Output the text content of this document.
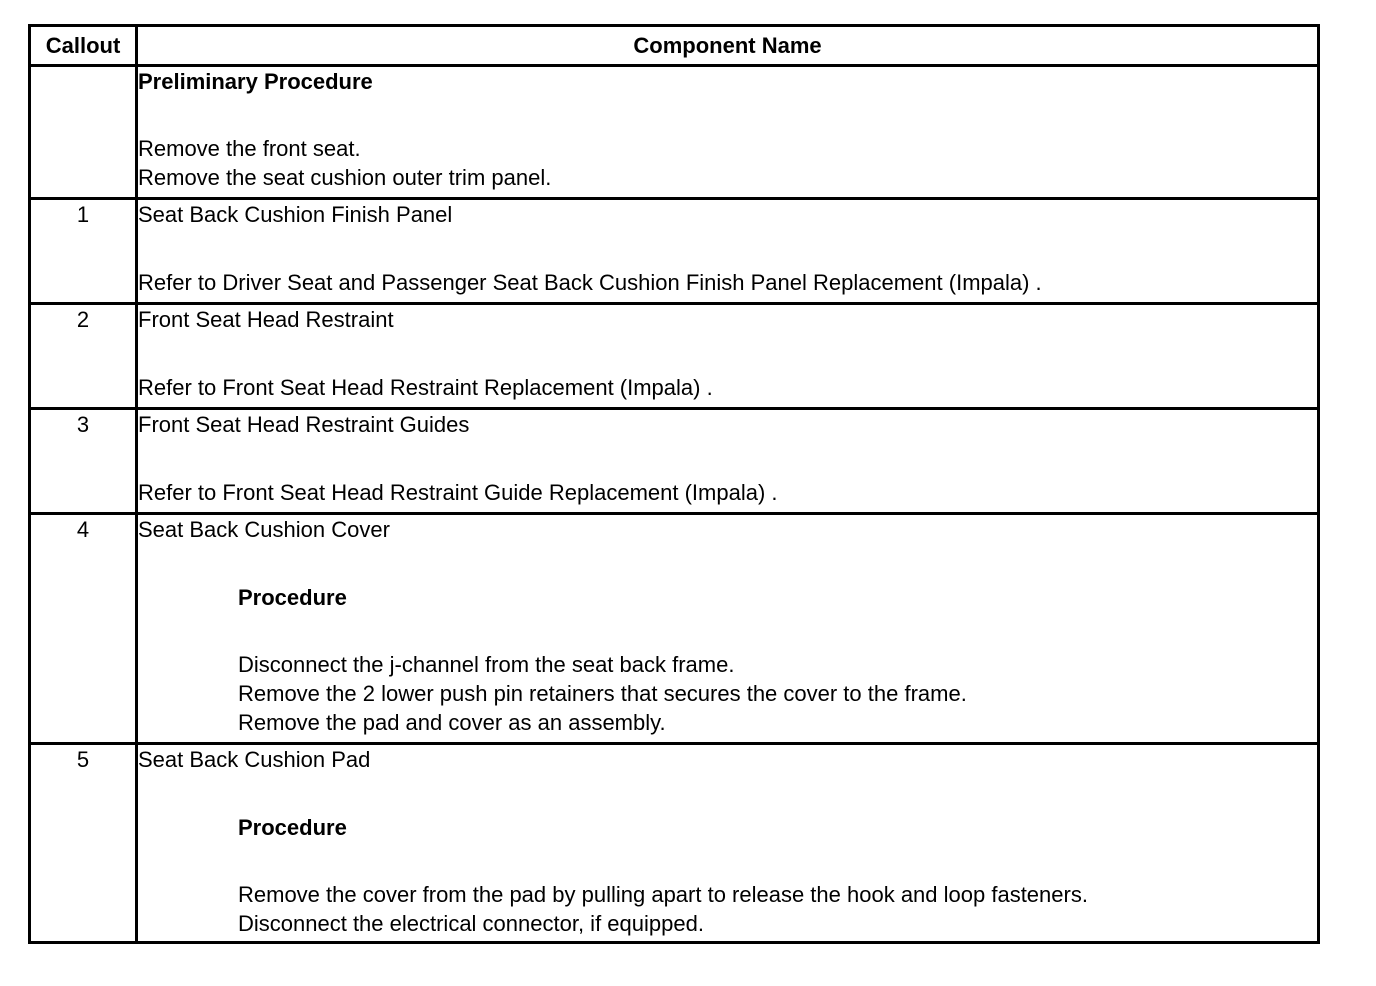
Callout	Component Name

	Preliminary Procedure
Remove the front seat.
Remove the seat cushion outer trim panel.

1	Seat Back Cushion Finish Panel
Refer to Driver Seat and Passenger Seat Back Cushion Finish Panel Replacement (Impala) .

2	Front Seat Head Restraint
Refer to Front Seat Head Restraint Replacement (Impala) .

3	Front Seat Head Restraint Guides
Refer to Front Seat Head Restraint Guide Replacement (Impala) .

4	Seat Back Cushion Cover
Procedure
Disconnect the j-channel from the seat back frame.
Remove the 2 lower push pin retainers that secures the cover to the frame.
Remove the pad and cover as an assembly.

5	Seat Back Cushion Pad
Procedure
Remove the cover from the pad by pulling apart to release the hook and loop fasteners.
Disconnect the electrical connector, if equipped.
